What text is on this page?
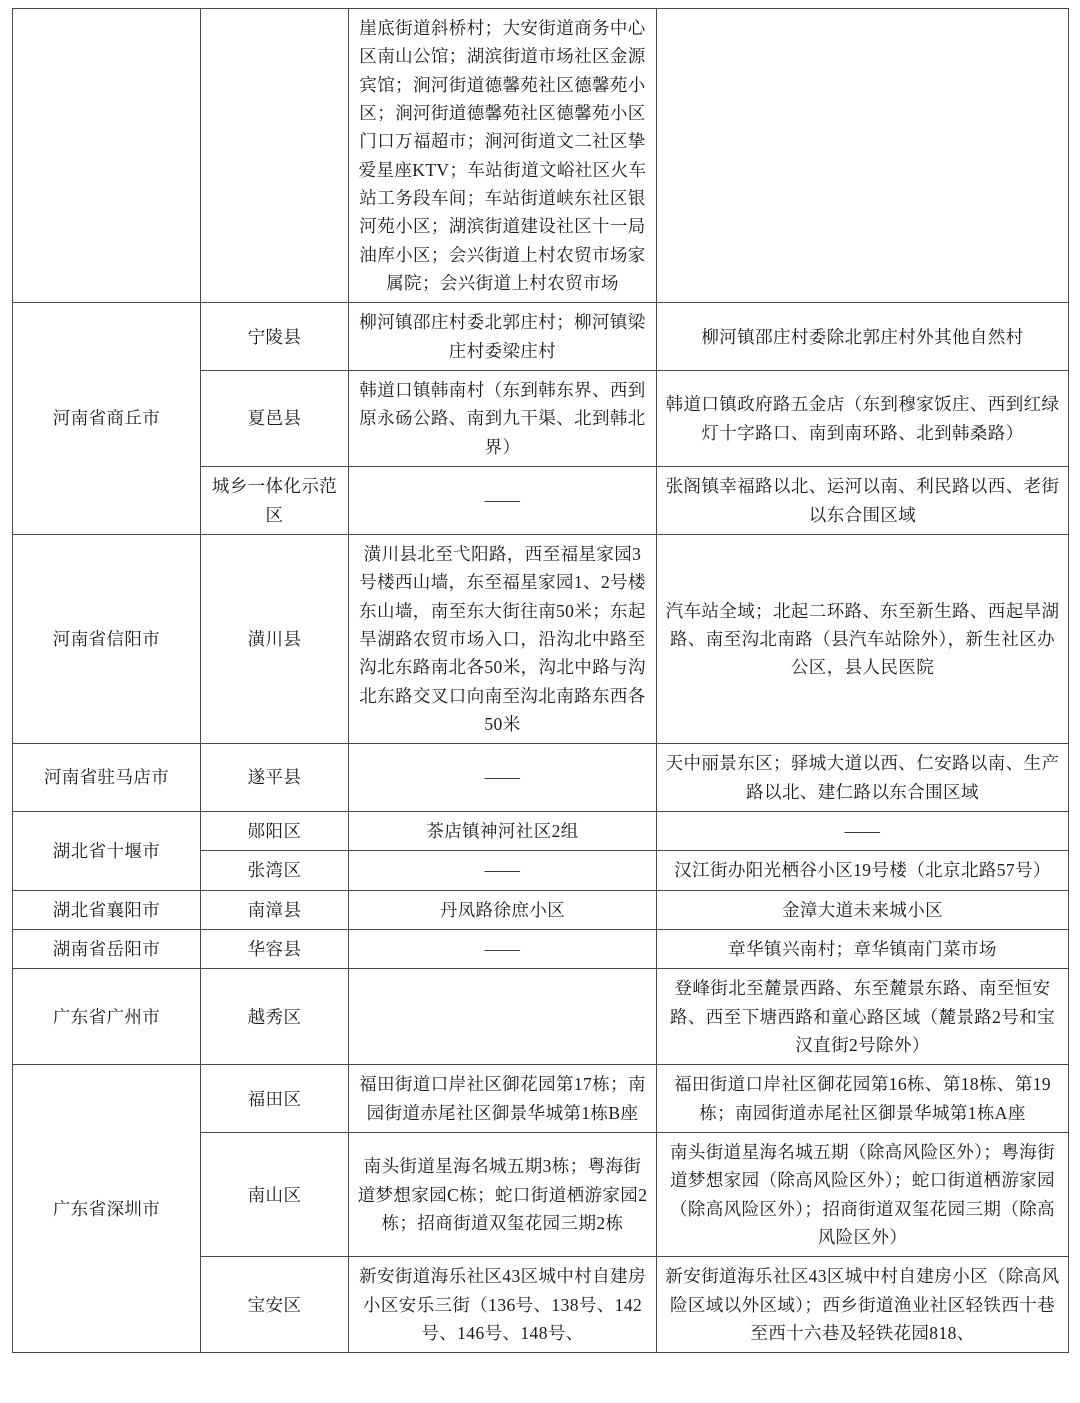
		崖底街道斜桥村；大安街道商务中心区南山公馆；湖滨街道市场社区金源宾馆；涧河街道德馨苑社区德馨苑小区；涧河街道德馨苑社区德馨苑小区门口万福超市；涧河街道文二社区挚爱星座KTV；车站街道文峪社区火车站工务段车间；车站街道峡东社区银河苑小区；湖滨街道建设社区十一局油库小区；会兴街道上村农贸市场家属院；会兴街道上村农贸市场	
河南省商丘市	宁陵县	柳河镇邵庄村委北郭庄村；柳河镇梁庄村委梁庄村	柳河镇邵庄村委除北郭庄村外其他自然村
	夏邑县	韩道口镇韩南村（东到韩东界、西到原永砀公路、南到九干渠、北到韩北界）	韩道口镇政府路五金店（东到穆家饭庄、西到红绿灯十字路口、南到南环路、北到韩桑路）
	城乡一体化示范区	——	张阁镇幸福路以北、运河以南、利民路以西、老街以东合围区域
河南省信阳市	潢川县	潢川县北至弋阳路，西至福星家园3号楼西山墙，东至福星家园1、2号楼东山墙，南至东大街往南50米；东起旱湖路农贸市场入口，沿沟北中路至沟北东路南北各50米，沟北中路与沟北东路交叉口向南至沟北南路东西各50米	汽车站全域；北起二环路、东至新生路、西起旱湖路、南至沟北南路（县汽车站除外），新生社区办公区，县人民医院
河南省驻马店市	遂平县	——	天中丽景东区；驿城大道以西、仁安路以南、生产路以北、建仁路以东合围区域
湖北省十堰市	郧阳区	茶店镇神河社区2组	——
	张湾区	——	汉江街办阳光栖谷小区19号楼（北京北路57号）
湖北省襄阳市	南漳县	丹凤路徐庶小区	金漳大道未来城小区
湖南省岳阳市	华容县	——	章华镇兴南村；章华镇南门菜市场
广东省广州市	越秀区		登峰街北至麓景西路、东至麓景东路、南至恒安路、西至下塘西路和童心路区域（麓景路2号和宝汉直街2号除外）
广东省深圳市	福田区	福田街道口岸社区御花园第17栋；南园街道赤尾社区御景华城第1栋B座	福田街道口岸社区御花园第16栋、第18栋、第19栋；南园街道赤尾社区御景华城第1栋A座
	南山区	南头街道星海名城五期3栋；粤海街道梦想家园C栋；蛇口街道栖游家园2栋；招商街道双玺花园三期2栋	南头街道星海名城五期（除高风险区外）；粤海街道梦想家园（除高风险区外）；蛇口街道栖游家园（除高风险区外）；招商街道双玺花园三期（除高风险区外）
	宝安区	新安街道海乐社区43区城中村自建房小区安乐三街（136号、138号、142号、146号、148号、	新安街道海乐社区43区城中村自建房小区（除高风险区域以外区域）；西乡街道渔业社区轻铁西十巷至西十六巷及轻铁花园818、
